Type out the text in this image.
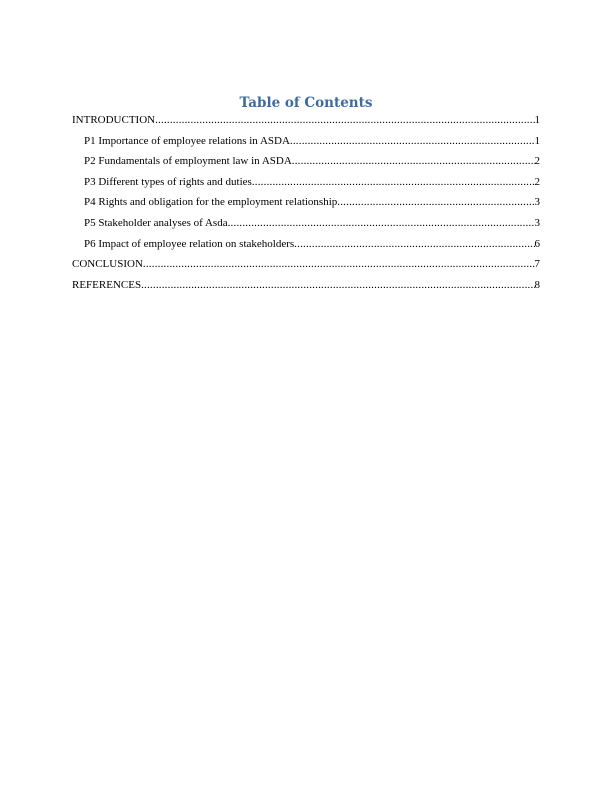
Table of Contents
INTRODUCTION .....	1
P1 Importance of employee relations in ASDA .....	1
P2 Fundamentals of employment law in ASDA .....	2
P3 Different types of rights and duties .....	2
P4 Rights and obligation for the employment relationship .....	3
P5 Stakeholder analyses of Asda .....	3
P6 Impact of employee relation on stakeholders .....	6
CONCLUSION .....	7
REFERENCES .....	8
